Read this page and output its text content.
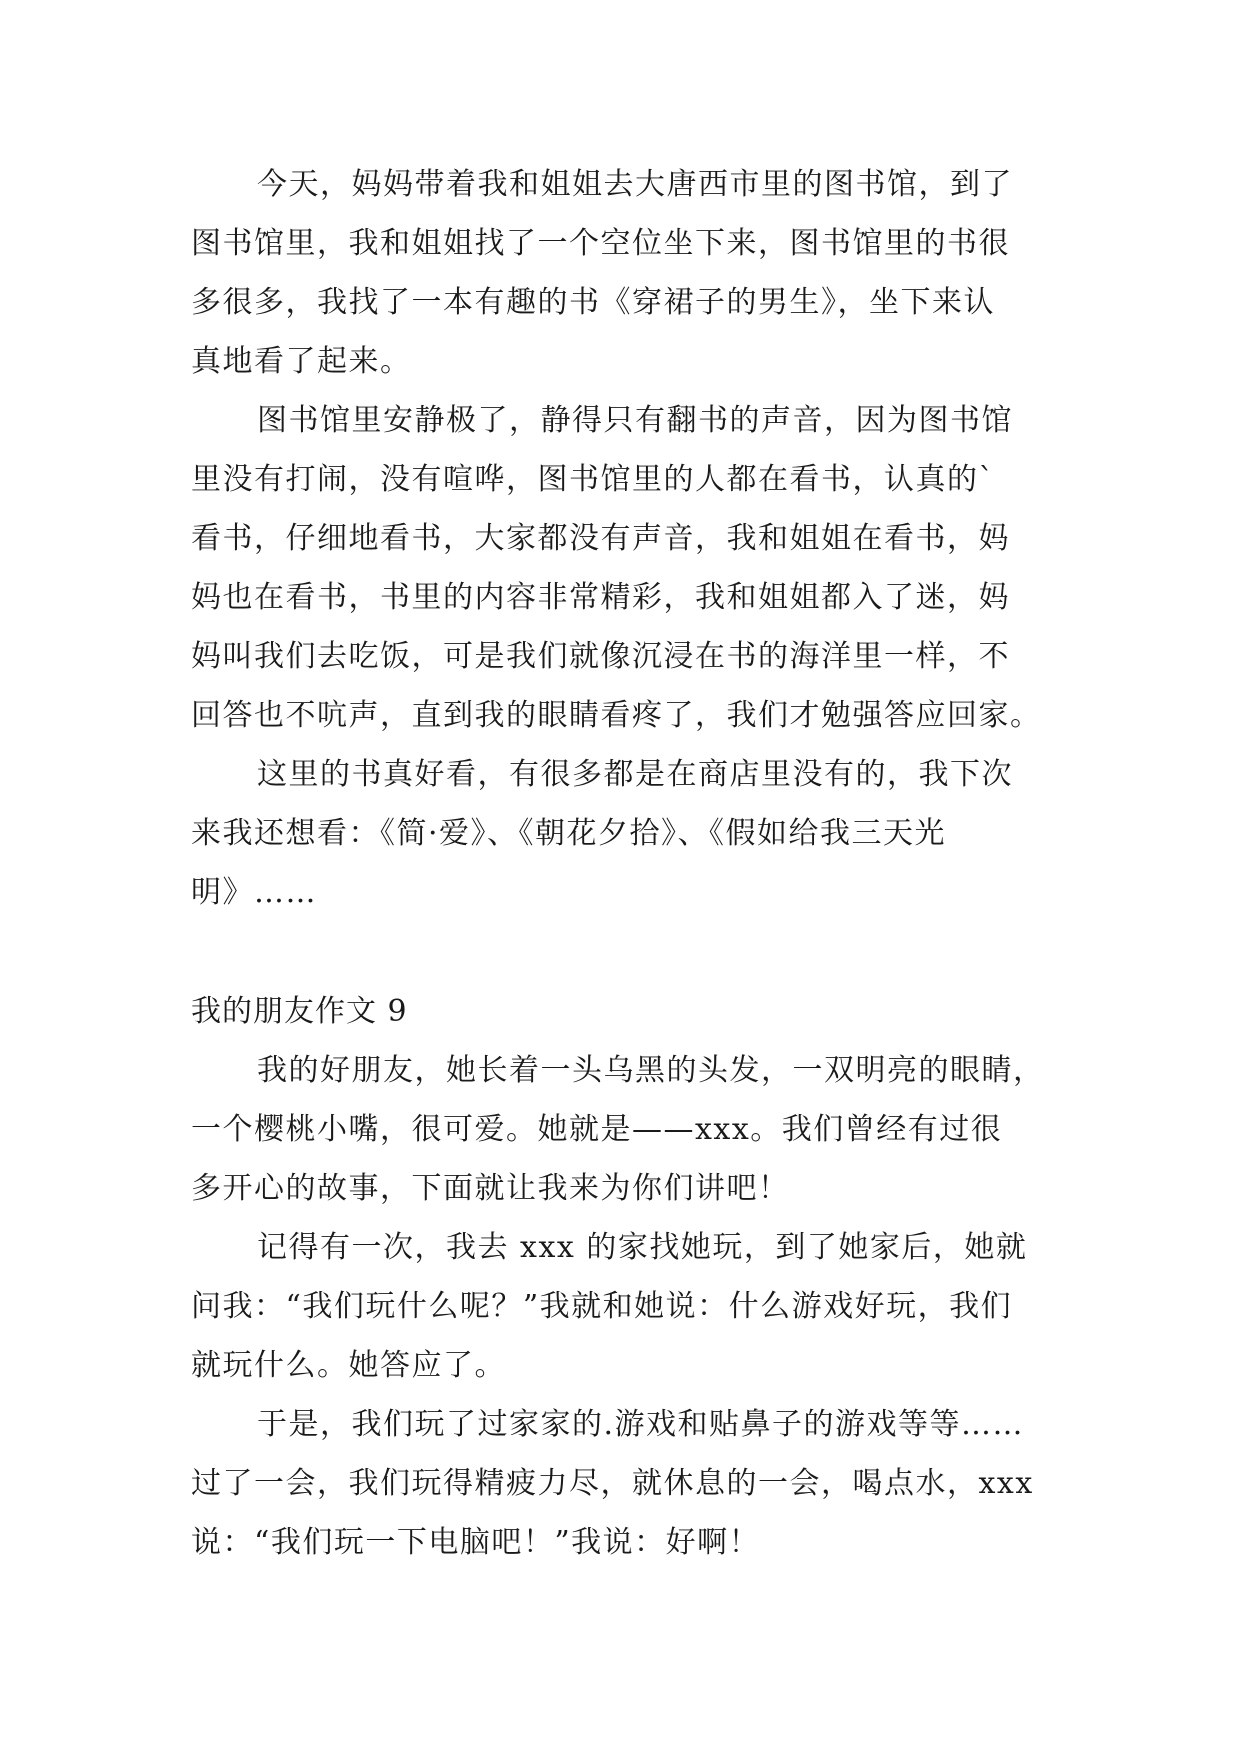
今天，妈妈带着我和姐姐去大唐西市里的图书馆，到了
图书馆里，我和姐姐找了一个空位坐下来，图书馆里的书很
多很多，我找了一本有趣的书《穿裙子的男生》，坐下来认
真地看了起来。
图书馆里安静极了，静得只有翻书的声音，因为图书馆
里没有打闹，没有喧哗，图书馆里的人都在看书，认真的`
看书，仔细地看书，大家都没有声音，我和姐姐在看书，妈
妈也在看书，书里的内容非常精彩，我和姐姐都入了迷，妈
妈叫我们去吃饭，可是我们就像沉浸在书的海洋里一样，不
回答也不吭声，直到我的眼睛看疼了，我们才勉强答应回家。
这里的书真好看，有很多都是在商店里没有的，我下次
来我还想看：《简·爱》、《朝花夕拾》、《假如给我三天光
明》……
我的朋友作文 9
我的好朋友，她长着一头乌黑的头发，一双明亮的眼睛，
一个樱桃小嘴，很可爱。她就是——xxx。我们曾经有过很
多开心的故事，下面就让我来为你们讲吧！
记得有一次，我去 xxx 的家找她玩，到了她家后，她就
问我：“我们玩什么呢？”我就和她说：什么游戏好玩，我们
就玩什么。她答应了。
于是，我们玩了过家家的.游戏和贴鼻子的游戏等等……
过了一会，我们玩得精疲力尽，就休息的一会，喝点水，xxx
说：“我们玩一下电脑吧！”我说：好啊！
